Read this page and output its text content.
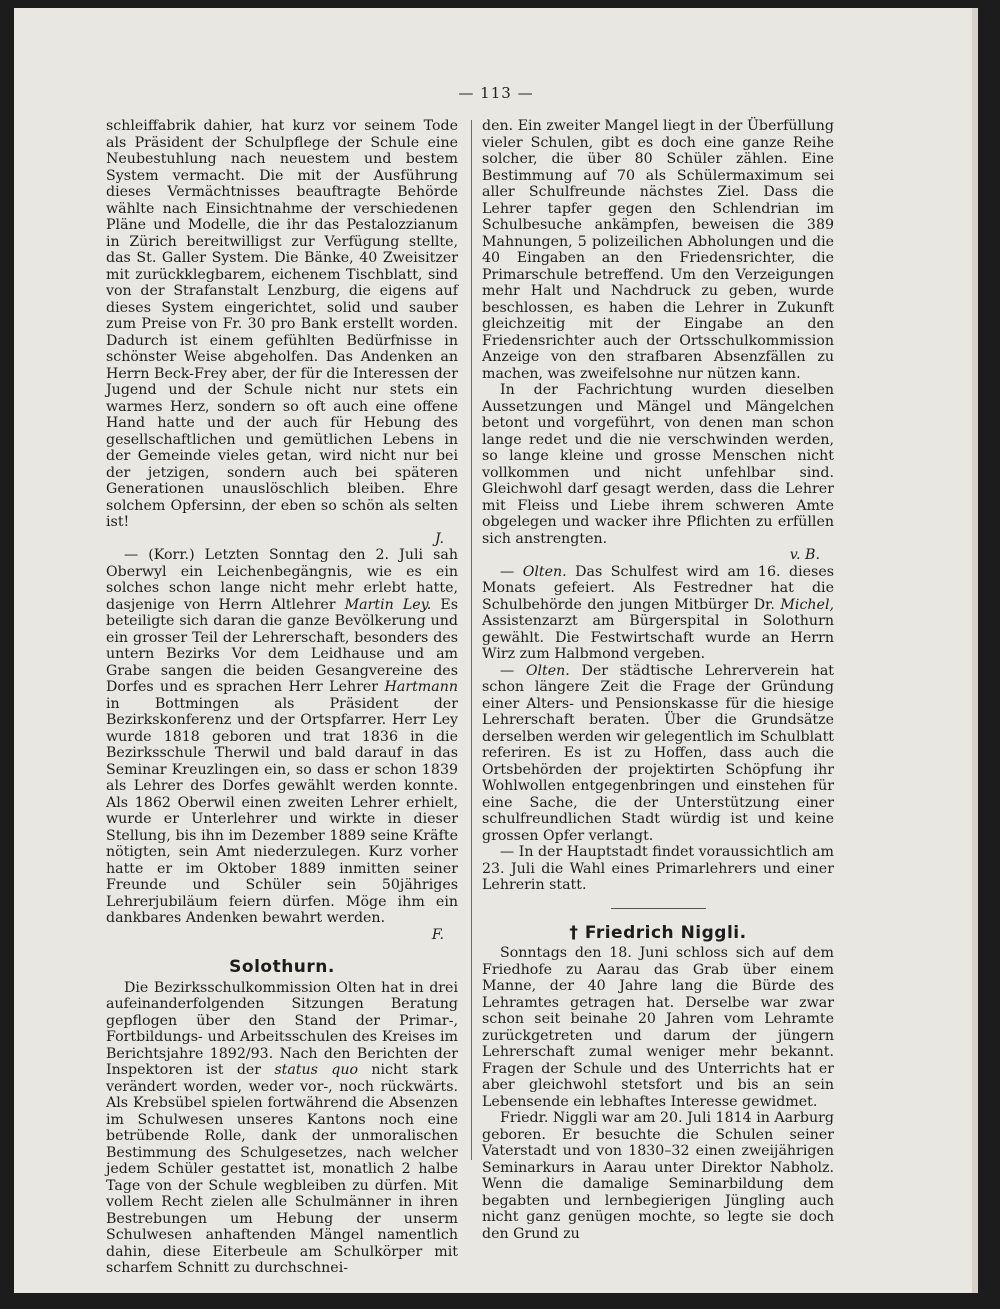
— 113 —

schleiffabrik dahier, hat kurz vor seinem Tode als Präsident der Schulpflege der Schule eine Neubestuhlung nach neuestem und bestem System vermacht. Die mit der Ausführung dieses Vermächtnisses beauftragte Behörde wählte nach Einsichtnahme der verschiedenen Pläne und Modelle, die ihr das Pestalozzianum in Zürich bereitwilligst zur Verfügung stellte, das St. Galler System. Die Bänke, 40 Zweisitzer mit zurückklegbarem, eichenem Tischblatt, sind von der Strafanstalt Lenzburg, die eigens auf dieses System eingerichtet, solid und sauber zum Preise von Fr. 30 pro Bank erstellt worden. Dadurch ist einem gefühlten Bedürfnisse in schönster Weise abgeholfen. Das Andenken an Herrn Beck-Frey aber, der für die Interessen der Jugend und der Schule nicht nur stets ein warmes Herz, sondern so oft auch eine offene Hand hatte und der auch für Hebung des gesellschaftlichen und gemütlichen Lebens in der Gemeinde vieles getan, wird nicht nur bei der jetzigen, sondern auch bei späteren Generationen unauslöschlich bleiben. Ehre solchem Opfersinn, der eben so schön als selten ist!
J.

— (Korr.) Letzten Sonntag den 2. Juli sah Oberwyl ein Leichenbegängnis, wie es ein solches schon lange nicht mehr erlebt hatte, dasjenige von Herrn Altlehrer Martin Ley. Es beteiligte sich daran die ganze Bevölkerung und ein grosser Teil der Lehrerschaft, besonders des untern Bezirks Vor dem Leidhause und am Grabe sangen die beiden Gesangvereine des Dorfes und es sprachen Herr Lehrer Hartmann in Bottmingen als Präsident der Bezirkskonferenz und der Ortspfarrer. Herr Ley wurde 1818 geboren und trat 1836 in die Bezirksschule Therwil und bald darauf in das Seminar Kreuzlingen ein, so dass er schon 1839 als Lehrer des Dorfes gewählt werden konnte. Als 1862 Oberwil einen zweiten Lehrer erhielt, wurde er Unterlehrer und wirkte in dieser Stellung, bis ihn im Dezember 1889 seine Kräfte nötigten, sein Amt niederzulegen. Kurz vorher hatte er im Oktober 1889 inmitten seiner Freunde und Schüler sein 50jähriges Lehrerjubiläum feiern dürfen. Möge ihm ein dankbares Andenken bewahrt werden.
F.

Solothurn.

Die Bezirksschulkommission Olten hat in drei aufeinanderfolgenden Sitzungen Beratung gepflogen über den Stand der Primar-, Fortbildungs- und Arbeitsschulen des Kreises im Berichtsjahre 1892/93. Nach den Berichten der Inspektoren ist der status quo nicht stark verändert worden, weder vor-, noch rückwärts. Als Krebsübel spielen fortwährend die Absenzen im Schulwesen unseres Kantons noch eine betrübende Rolle, dank der unmoralischen Bestimmung des Schulgesetzes, nach welcher jedem Schüler gestattet ist, monatlich 2 halbe Tage von der Schule wegbleiben zu dürfen. Mit vollem Recht zielen alle Schulmänner in ihren Bestrebungen um Hebung der unserm Schulwesen anhaftenden Mängel namentlich dahin, diese Eiterbeule am Schulkörper mit scharfem Schnitt zu durchschnei-

den. Ein zweiter Mangel liegt in der Überfüllung vieler Schulen, gibt es doch eine ganze Reihe solcher, die über 80 Schüler zählen. Eine Bestimmung auf 70 als Schülermaximum sei aller Schulfreunde nächstes Ziel. Dass die Lehrer tapfer gegen den Schlendrian im Schulbesuche ankämpfen, beweisen die 389 Mahnungen, 5 polizeilichen Abholungen und die 40 Eingaben an den Friedensrichter, die Primarschule betreffend. Um den Verzeigungen mehr Halt und Nachdruck zu geben, wurde beschlossen, es haben die Lehrer in Zukunft gleichzeitig mit der Eingabe an den Friedensrichter auch der Ortsschulkommission Anzeige von den strafbaren Absenzfällen zu machen, was zweifelsohne nur nützen kann.

In der Fachrichtung wurden dieselben Aussetzungen und Mängel und Mängelchen betont und vorgeführt, von denen man schon lange redet und die nie verschwinden werden, so lange kleine und grosse Menschen nicht vollkommen und nicht unfehlbar sind. Gleichwohl darf gesagt werden, dass die Lehrer mit Fleiss und Liebe ihrem schweren Amte obgelegen und wacker ihre Pflichten zu erfüllen sich anstrengten.
v. B.

— Olten. Das Schulfest wird am 16. dieses Monats gefeiert. Als Festredner hat die Schulbehörde den jungen Mitbürger Dr. Michel, Assistenzarzt am Bürgerspital in Solothurn gewählt. Die Festwirtschaft wurde an Herrn Wirz zum Halbmond vergeben.

— Olten. Der städtische Lehrerverein hat schon längere Zeit die Frage der Gründung einer Alters- und Pensionskasse für die hiesige Lehrerschaft beraten. Über die Grundsätze derselben werden wir gelegentlich im Schulblatt referiren. Es ist zu Hoffen, dass auch die Ortsbehörden der projektirten Schöpfung ihr Wohlwollen entgegenbringen und einstehen für eine Sache, die der Unterstützung einer schulfreundlichen Stadt würdig ist und keine grossen Opfer verlangt.

— In der Hauptstadt findet voraussichtlich am 23. Juli die Wahl eines Primarlehrers und einer Lehrerin statt.

† Friedrich Niggli.

Sonntags den 18. Juni schloss sich auf dem Friedhofe zu Aarau das Grab über einem Manne, der 40 Jahre lang die Bürde des Lehramtes getragen hat. Derselbe war zwar schon seit beinahe 20 Jahren vom Lehramte zurückgetreten und darum der jüngern Lehrerschaft zumal weniger mehr bekannt. Fragen der Schule und des Unterrichts hat er aber gleichwohl stetsfort und bis an sein Lebensende ein lebhaftes Interesse gewidmet.

Friedr. Niggli war am 20. Juli 1814 in Aarburg geboren. Er besuchte die Schulen seiner Vaterstadt und von 1830–32 einen zweijährigen Seminarkurs in Aarau unter Direktor Nabholz. Wenn die damalige Seminarbildung dem begabten und lernbegierigen Jüngling auch nicht ganz genügen mochte, so legte sie doch den Grund zu
